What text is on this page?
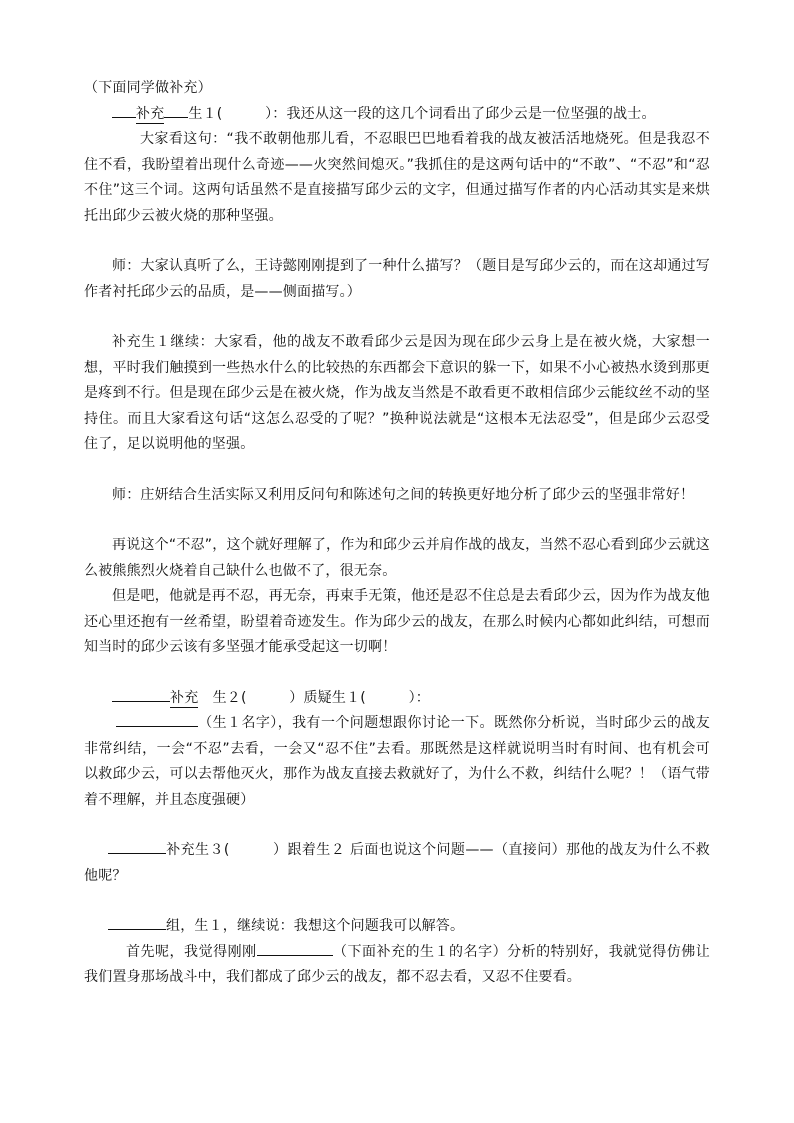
（下面同学做补充）

补充 生１(　　　	）：我还从这一段的这几个词看出了邱少云是一位坚强的战士。

大家看这句：“我不敢朝他那儿看，不忍眼巴巴地看着我的战友被活活地烧死。但是我忍不住不看，我盼望着出现什么奇迹——火突然间熄灭。”我抓住的是这两句话中的“不敢”、“不忍”和“忍不住”这三个词。这两句话虽然不是直接描写邱少云的文字，但通过描写作者的内心活动其实是来烘托出邱少云被火烧的那种坚强。

师：大家认真听了么，王诗懿刚刚提到了一种什么描写？（题目是写邱少云的，而在这却通过写作者衬托邱少云的品质，是——侧面描写。）

补充生１继续：大家看，他的战友不敢看邱少云是因为现在邱少云身上是在被火烧，大家想一想，平时我们触摸到一些热水什么的比较热的东西都会下意识的躲一下，如果不小心被热水烫到那更是疼到不行。但是现在邱少云是在被火烧，作为战友当然是不敢看更不敢相信邱少云能纹丝不动的坚持住。而且大家看这句话“这怎么忍受的了呢？”换种说法就是“这根本无法忍受”，但是邱少云忍受住了，足以说明他的坚强。

师：庄妍结合生活实际又利用反问句和陈述句之间的转换更好地分析了邱少云的坚强非常好！

再说这个“不忍”，这个就好理解了，作为和邱少云并肩作战的战友，当然不忍心看到邱少云就这么被熊熊烈火烧着自己缺什么也做不了，很无奈。

但是吧，他就是再不忍，再无奈，再束手无策，他还是忍不住总是去看邱少云，因为作为战友他还心里还抱有一丝希望，盼望着奇迹发生。作为邱少云的战友，在那么时候内心都如此纠结，可想而知当时的邱少云该有多坚强才能承受起这一切啊！

补充　生２(　　　	）质疑生１(　　　	）：

（生１名字），我有一个问题想跟你讨论一下。既然你分析说，当时邱少云的战友非常纠结，一会“不忍”去看，一会又“忍不住”去看。那既然是这样就说明当时有时间、也有机会可以救邱少云，可以去帮他灭火，那作为战友直接去救就好了，为什么不救，纠结什么呢？！（语气带着不理解，并且态度强硬）

补充生３(　　　	）跟着生２ 后面也说这个问题——（直接问）那他的战友为什么不救他呢？

组，生１，继续说：我想这个问题我可以解答。

首先呢，我觉得刚刚	（下面补充的生１的名字）分析的特别好，我就觉得仿佛让我们置身那场战斗中，我们都成了邱少云的战友，都不忍去看，又忍不住要看。
